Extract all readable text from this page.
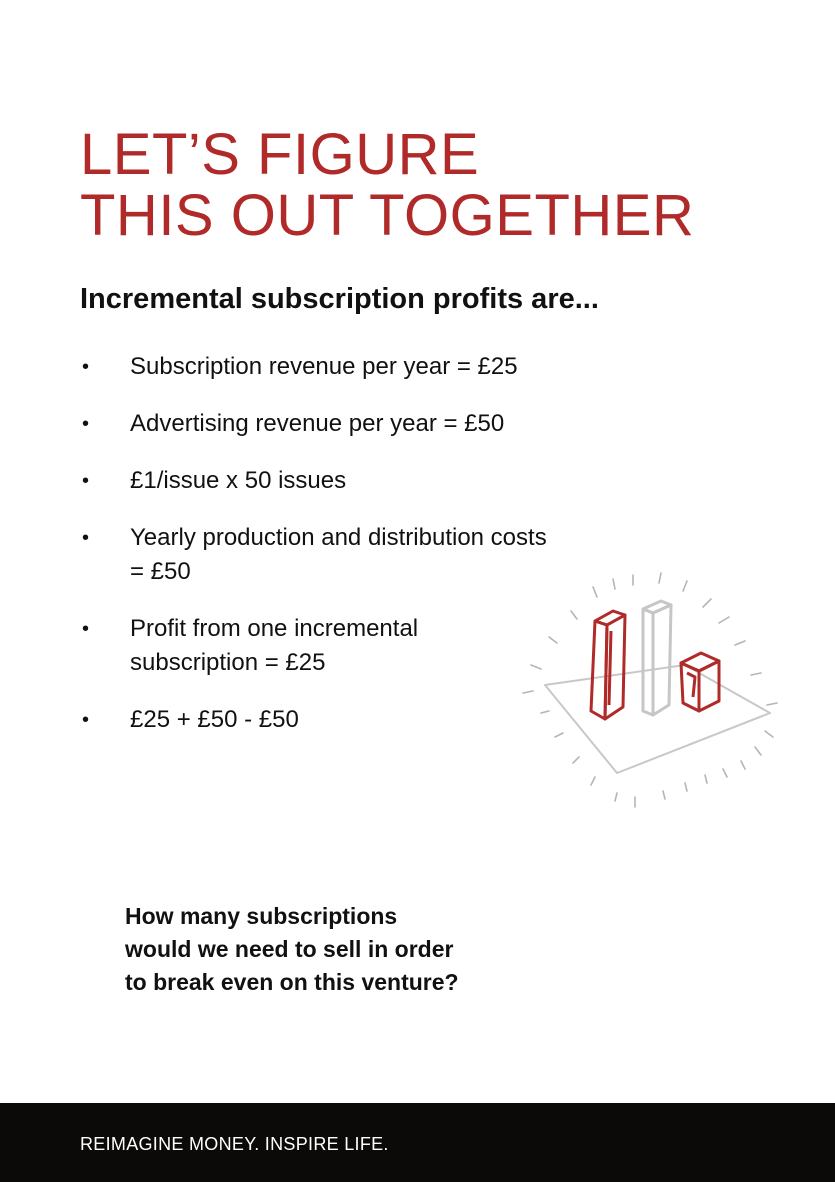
LET’S FIGURE
THIS OUT TOGETHER
Incremental subscription profits are...
• Subscription revenue per year = £25
• Advertising revenue per year = £50
• £1/issue x 50 issues
• Yearly production and distribution costs = £50
• Profit from one incremental subscription = £25
• £25 + £50 - £50

How many subscriptions
would we need to sell in order
to break even on this venture?

REIMAGINE MONEY. INSPIRE LIFE.
